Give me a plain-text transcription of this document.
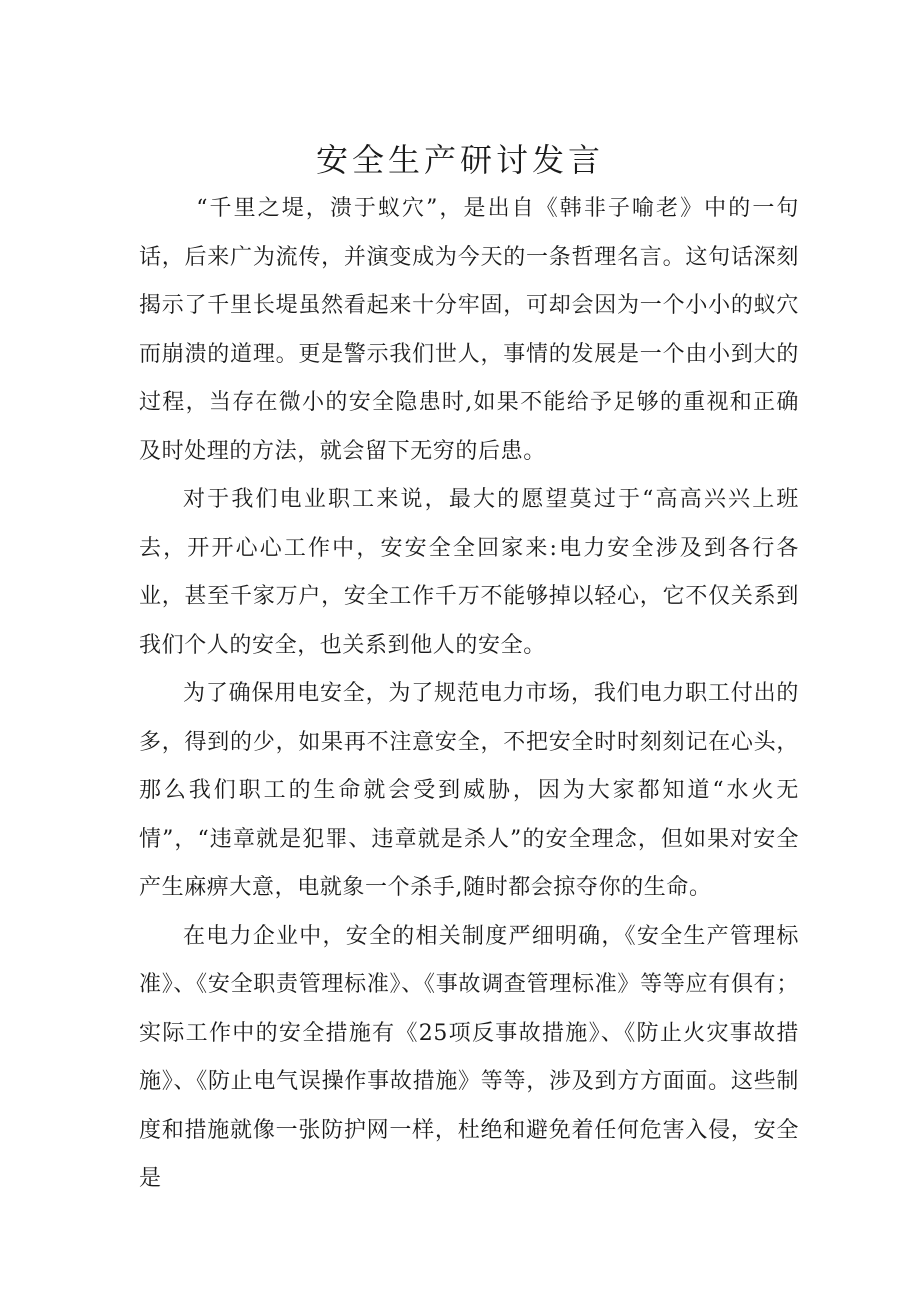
安全生产研讨发言

“千里之堤，溃于蚁穴”，是出自《韩非子喻老》中的一句话，后来广为流传，并演变成为今天的一条哲理名言。这句话深刻揭示了千里长堤虽然看起来十分牢固，可却会因为一个小小的蚁穴而崩溃的道理。更是警示我们世人，事情的发展是一个由小到大的过程，当存在微小的安全隐患时,如果不能给予足够的重视和正确及时处理的方法，就会留下无穷的后患。

对于我们电业职工来说，最大的愿望莫过于“高高兴兴上班去，开开心心工作中，安安全全回家来:电力安全涉及到各行各业，甚至千家万户，安全工作千万不能够掉以轻心，它不仅关系到我们个人的安全，也关系到他人的安全。

为了确保用电安全，为了规范电力市场，我们电力职工付出的多，得到的少，如果再不注意安全，不把安全时时刻刻记在心头，那么我们职工的生命就会受到威胁，因为大家都知道“水火无情”，“违章就是犯罪、违章就是杀人”的安全理念，但如果对安全产生麻痹大意，电就象一个杀手,随时都会掠夺你的生命。

在电力企业中，安全的相关制度严细明确，《安全生产管理标准》、《安全职责管理标准》、《事故调查管理标准》等等应有俱有；实际工作中的安全措施有《25项反事故措施》、《防止火灾事故措施》、《防止电气误操作事故措施》等等，涉及到方方面面。这些制度和措施就像一张防护网一样，杜绝和避免着任何危害入侵，安全是
